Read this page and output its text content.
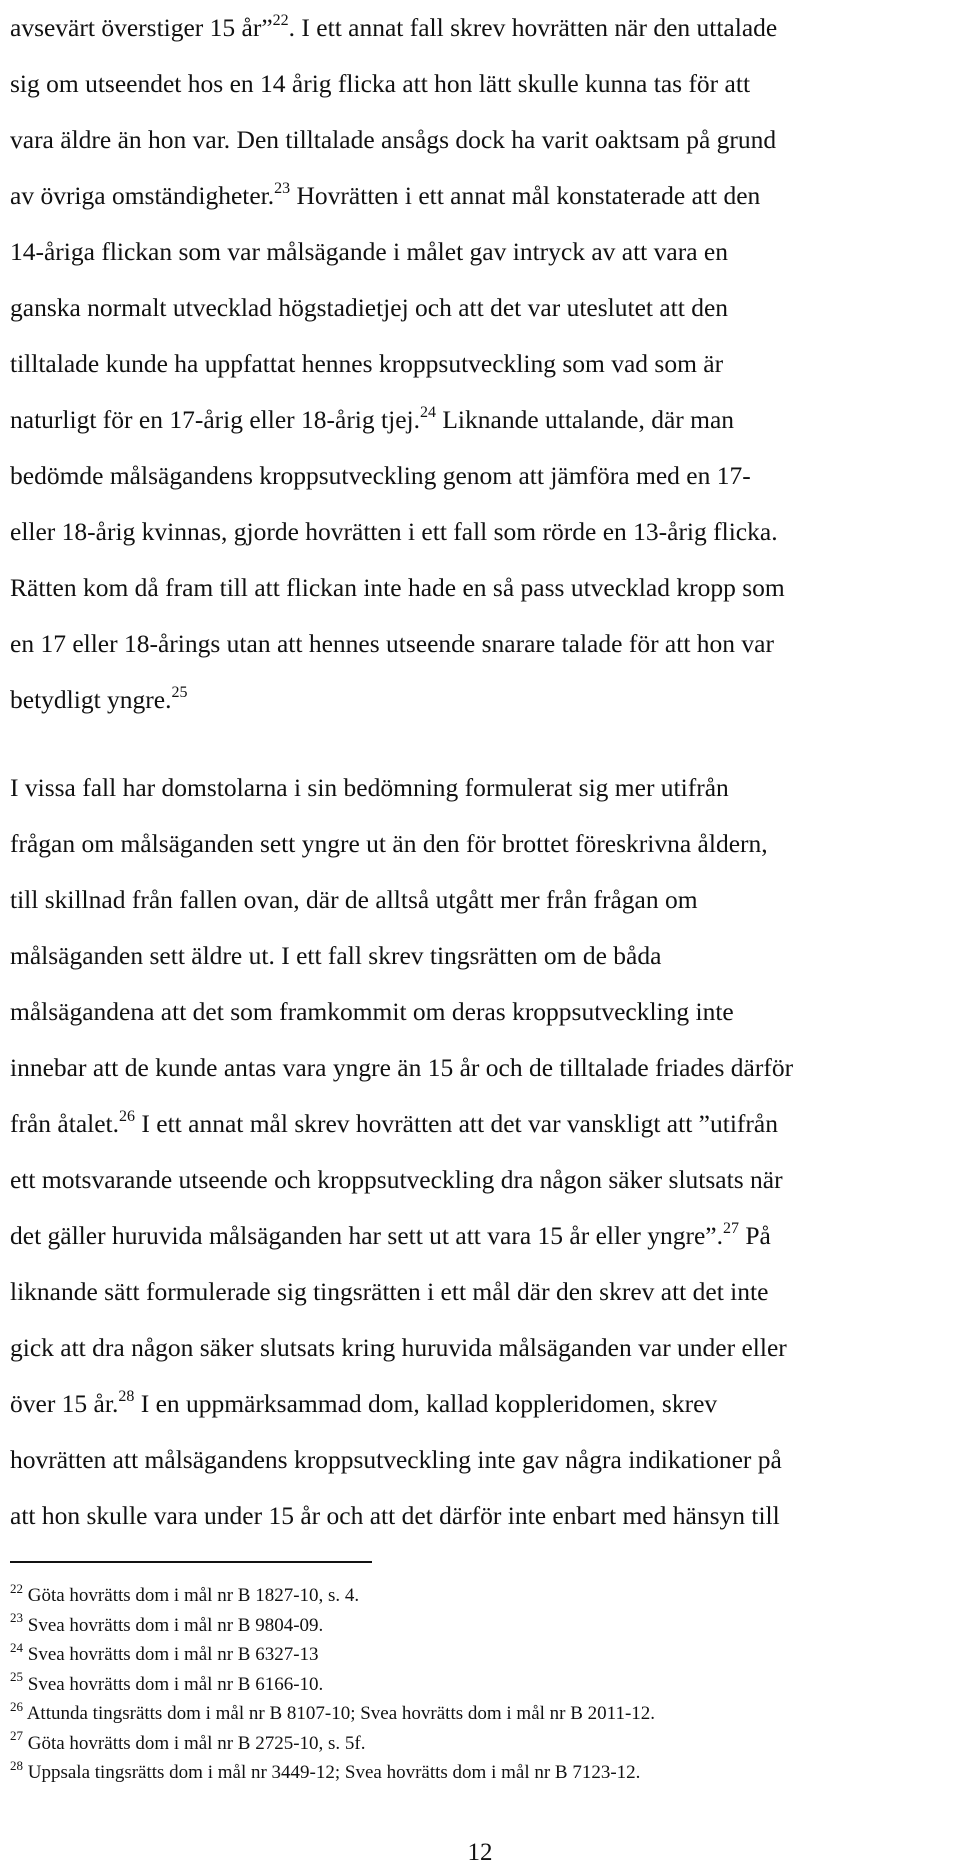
avsevärt överstiger 15 år”$^{22}$. I ett annat fall skrev hovrätten när den uttalade
sig om utseendet hos en 14 årig flicka att hon lätt skulle kunna tas för att
vara äldre än hon var. Den tilltalade ansågs dock ha varit oaktsam på grund
av övriga omständigheter.$^{23}$ Hovrätten i ett annat mål konstaterade att den
14-åriga flickan som var målsägande i målet gav intryck av att vara en
ganska normalt utvecklad högstadietjej och att det var uteslutet att den
tilltalade kunde ha uppfattat hennes kroppsutveckling som vad som är
naturligt för en 17-årig eller 18-årig tjej.$^{24}$ Liknande uttalande, där man
bedömde målsägandens kroppsutveckling genom att jämföra med en 17-
eller 18-årig kvinnas, gjorde hovrätten i ett fall som rörde en 13-årig flicka.
Rätten kom då fram till att flickan inte hade en så pass utvecklad kropp som
en 17 eller 18-årings utan att hennes utseende snarare talade för att hon var
betydligt yngre.$^{25}$
I vissa fall har domstolarna i sin bedömning formulerat sig mer utifrån
frågan om målsäganden sett yngre ut än den för brottet föreskrivna åldern,
till skillnad från fallen ovan, där de alltså utgått mer från frågan om
målsäganden sett äldre ut. I ett fall skrev tingsrätten om de båda
målsägandena att det som framkommit om deras kroppsutveckling inte
innebar att de kunde antas vara yngre än 15 år och de tilltalade friades därför
från åtalet.$^{26}$ I ett annat mål skrev hovrätten att det var vanskligt att ”utifrån
ett motsvarande utseende och kroppsutveckling dra någon säker slutsats när
det gäller huruvida målsäganden har sett ut att vara 15 år eller yngre”.$^{27}$ På
liknande sätt formulerade sig tingsrätten i ett mål där den skrev att det inte
gick att dra någon säker slutsats kring huruvida målsäganden var under eller
över 15 år.$^{28}$ I en uppmärksammad dom, kallad koppleridomen, skrev
hovrätten att målsägandens kroppsutveckling inte gav några indikationer på
att hon skulle vara under 15 år och att det därför inte enbart med hänsyn till
$^{22}$ Göta hovrätts dom i mål nr B 1827-10, s. 4.
$^{23}$ Svea hovrätts dom i mål nr B 9804-09.
$^{24}$ Svea hovrätts dom i mål nr B 6327-13
$^{25}$ Svea hovrätts dom i mål nr B 6166-10.
$^{26}$ Attunda tingsrätts dom i mål nr B 8107-10; Svea hovrätts dom i mål nr B 2011-12.
$^{27}$ Göta hovrätts dom i mål nr B 2725-10, s. 5f.
$^{28}$ Uppsala tingsrätts dom i mål nr 3449-12; Svea hovrätts dom i mål nr B 7123-12.
12
